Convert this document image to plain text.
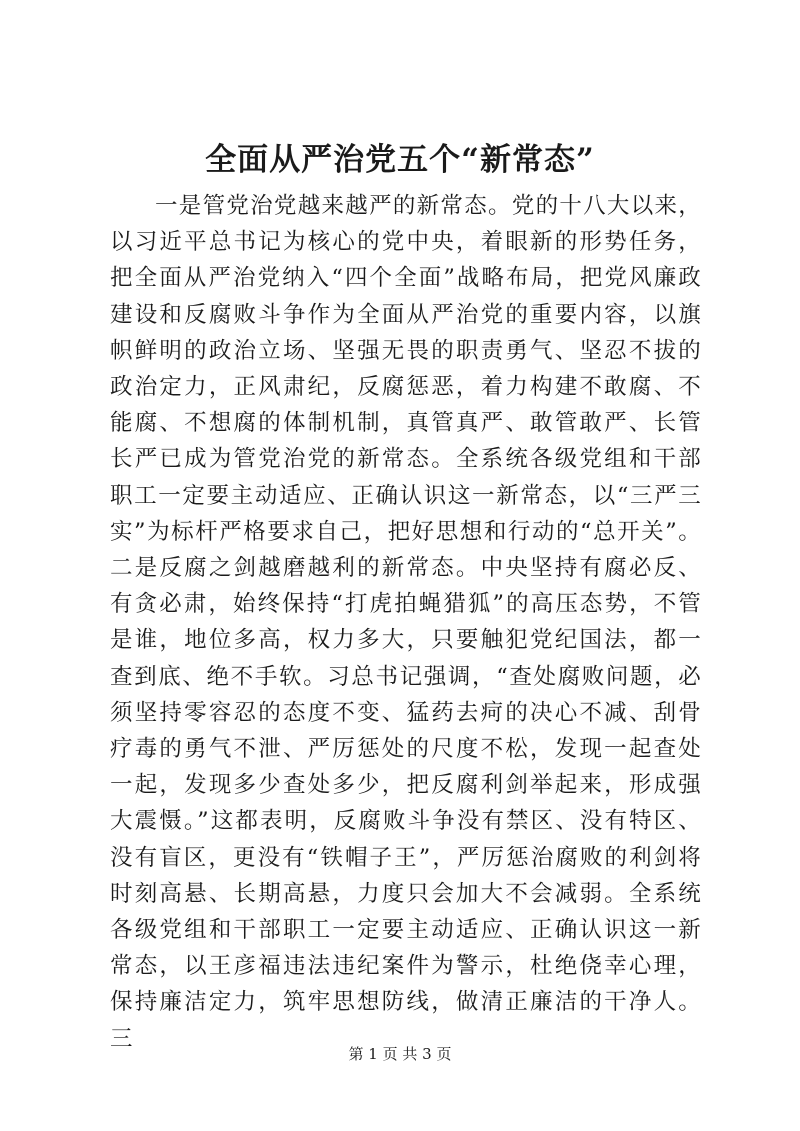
全面从严治党五个“新常态”
一是管党治党越来越严的新常态。党的十八大以来，以习近平总书记为核心的党中央，着眼新的形势任务，把全面从严治党纳入“四个全面”战略布局，把党风廉政建设和反腐败斗争作为全面从严治党的重要内容，以旗帜鲜明的政治立场、坚强无畏的职责勇气、坚忍不拔的政治定力，正风肃纪，反腐惩恶，着力构建不敢腐、不能腐、不想腐的体制机制，真管真严、敢管敢严、长管长严已成为管党治党的新常态。全系统各级党组和干部职工一定要主动适应、正确认识这一新常态，以“三严三实”为标杆严格要求自己，把好思想和行动的“总开关”。二是反腐之剑越磨越利的新常态。中央坚持有腐必反、有贪必肃，始终保持“打虎拍蝇猎狐”的高压态势，不管是谁，地位多高，权力多大，只要触犯党纪国法，都一查到底、绝不手软。习总书记强调，“查处腐败问题，必须坚持零容忍的态度不变、猛药去疴的决心不减、刮骨疗毒的勇气不泄、严厉惩处的尺度不松，发现一起查处一起，发现多少查处多少，把反腐利剑举起来，形成强大震慑。”这都表明，反腐败斗争没有禁区、没有特区、没有盲区，更没有“铁帽子王”，严厉惩治腐败的利剑将时刻高悬、长期高悬，力度只会加大不会减弱。全系统各级党组和干部职工一定要主动适应、正确认识这一新常态，以王彦福违法违纪案件为警示，杜绝侥幸心理，保持廉洁定力，筑牢思想防线，做清正廉洁的干净人。三
第 1 页 共 3 页
